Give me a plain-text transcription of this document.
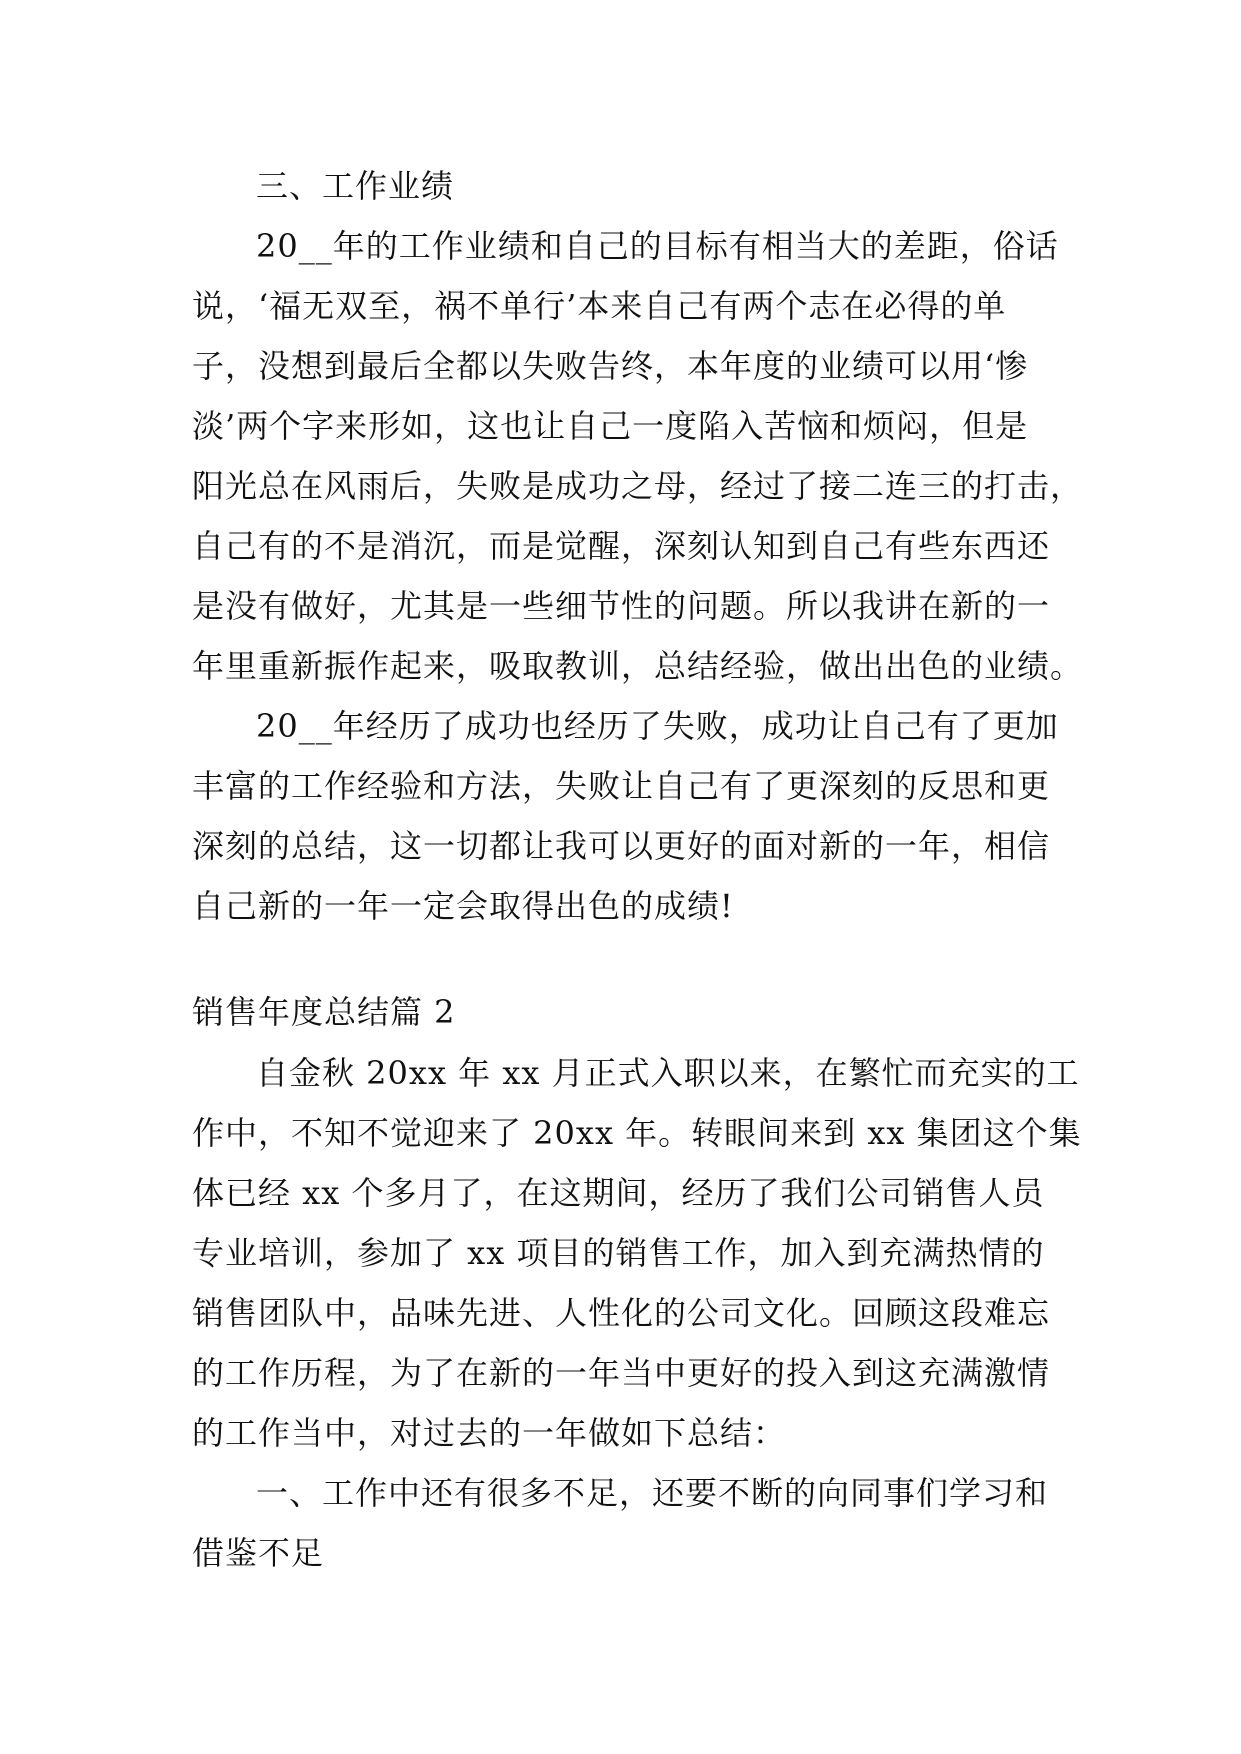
三、工作业绩
20__年的工作业绩和自己的目标有相当大的差距，俗话
说，‘福无双至，祸不单行’本来自己有两个志在必得的单
子，没想到最后全都以失败告终，本年度的业绩可以用‘惨
淡’两个字来形如，这也让自己一度陷入苦恼和烦闷，但是
阳光总在风雨后，失败是成功之母，经过了接二连三的打击，
自己有的不是消沉，而是觉醒，深刻认知到自己有些东西还
是没有做好，尤其是一些细节性的问题。所以我讲在新的一
年里重新振作起来，吸取教训，总结经验，做出出色的业绩。
20__年经历了成功也经历了失败，成功让自己有了更加
丰富的工作经验和方法，失败让自己有了更深刻的反思和更
深刻的总结，这一切都让我可以更好的面对新的一年，相信
自己新的一年一定会取得出色的成绩!
销售年度总结篇 2
自金秋 20xx 年 xx 月正式入职以来，在繁忙而充实的工
作中，不知不觉迎来了 20xx 年。转眼间来到 xx 集团这个集
体已经 xx 个多月了，在这期间，经历了我们公司销售人员
专业培训，参加了 xx 项目的销售工作，加入到充满热情的
销售团队中，品味先进、人性化的公司文化。回顾这段难忘
的工作历程，为了在新的一年当中更好的投入到这充满激情
的工作当中，对过去的一年做如下总结：
一、工作中还有很多不足，还要不断的向同事们学习和
借鉴不足
